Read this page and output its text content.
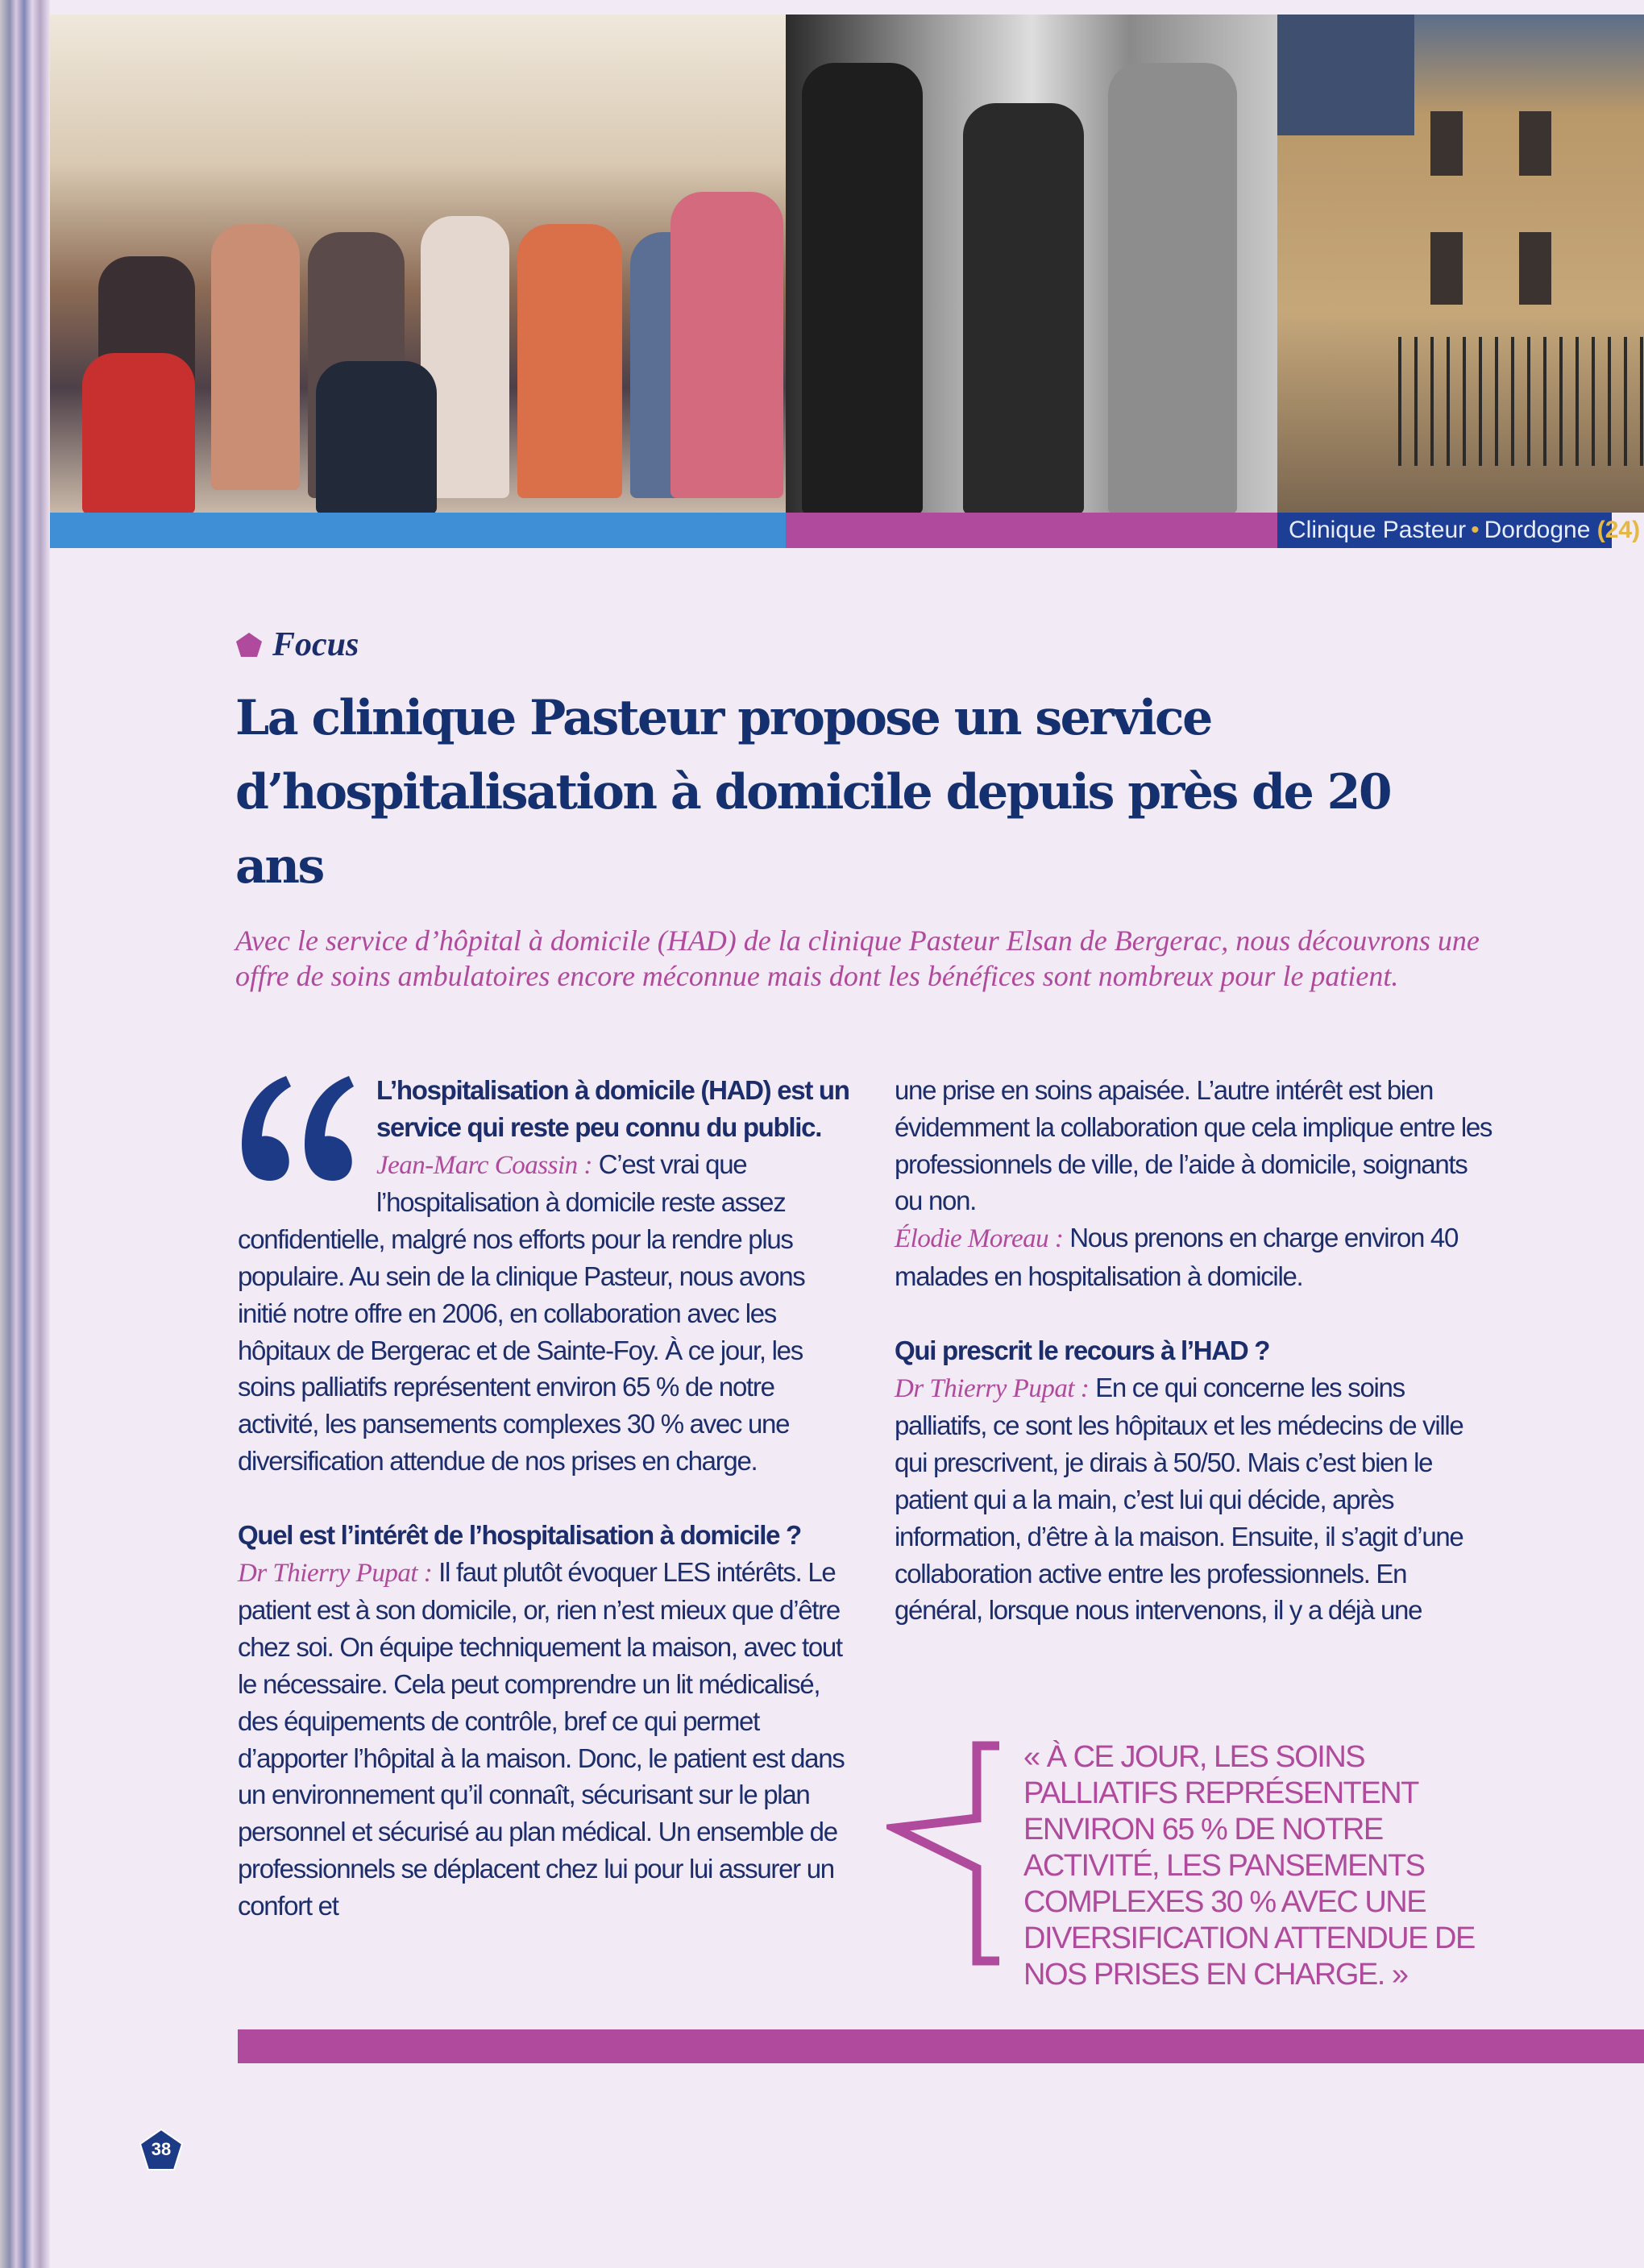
Clinique Pasteur • Dordogne (24)
Focus
La clinique Pasteur propose un service d’hospitalisation à domicile depuis près de 20 ans

Avec le service d’hôpital à domicile (HAD) de la clinique Pasteur Elsan de Bergerac, nous découvrons une offre de soins ambulatoires encore méconnue mais dont les bénéfices sont nombreux pour le patient.

L’hospitalisation à domicile (HAD) est un service qui reste peu connu du public.

Jean-Marc Coassin : C’est vrai que l’hospitalisation à domicile reste assez confidentielle, malgré nos efforts pour la rendre plus populaire. Au sein de la clinique Pasteur, nous avons initié notre offre en 2006, en collaboration avec les hôpitaux de Bergerac et de Sainte-Foy. À ce jour, les soins palliatifs représentent environ 65 % de notre activité, les pansements complexes 30 % avec une diversification attendue de nos prises en charge.

Quel est l’intérêt de l’hospitalisation à domicile ?

Dr Thierry Pupat : Il faut plutôt évoquer LES intérêts. Le patient est à son domicile, or, rien n’est mieux que d’être chez soi. On équipe techniquement la maison, avec tout le nécessaire. Cela peut comprendre un lit médicalisé, des équipements de contrôle, bref ce qui permet d’apporter l’hôpital à la maison. Donc, le patient est dans un environnement qu’il connaît, sécurisant sur le plan personnel et sécurisé au plan médical. Un ensemble de professionnels se déplacent chez lui pour lui assurer un confort et

une prise en soins apaisée. L’autre intérêt est bien évidemment la collaboration que cela implique entre les professionnels de ville, de l’aide à domicile, soignants ou non.

Élodie Moreau : Nous prenons en charge environ 40 malades en hospitalisation à domicile.

Qui prescrit le recours à l’HAD ?

Dr Thierry Pupat : En ce qui concerne les soins palliatifs, ce sont les hôpitaux et les médecins de ville qui prescrivent, je dirais à 50/50. Mais c’est bien le patient qui a la main, c’est lui qui décide, après information, d’être à la maison. Ensuite, il s’agit d’une collaboration active entre les professionnels. En général, lorsque nous intervenons, il y a déjà une

« À CE JOUR, LES SOINS PALLIATIFS REPRÉSENTENT ENVIRON 65 % DE NOTRE ACTIVITÉ, LES PANSEMENTS COMPLEXES 30 % AVEC UNE DIVERSIFICATION ATTENDUE DE NOS PRISES EN CHARGE. »
38
